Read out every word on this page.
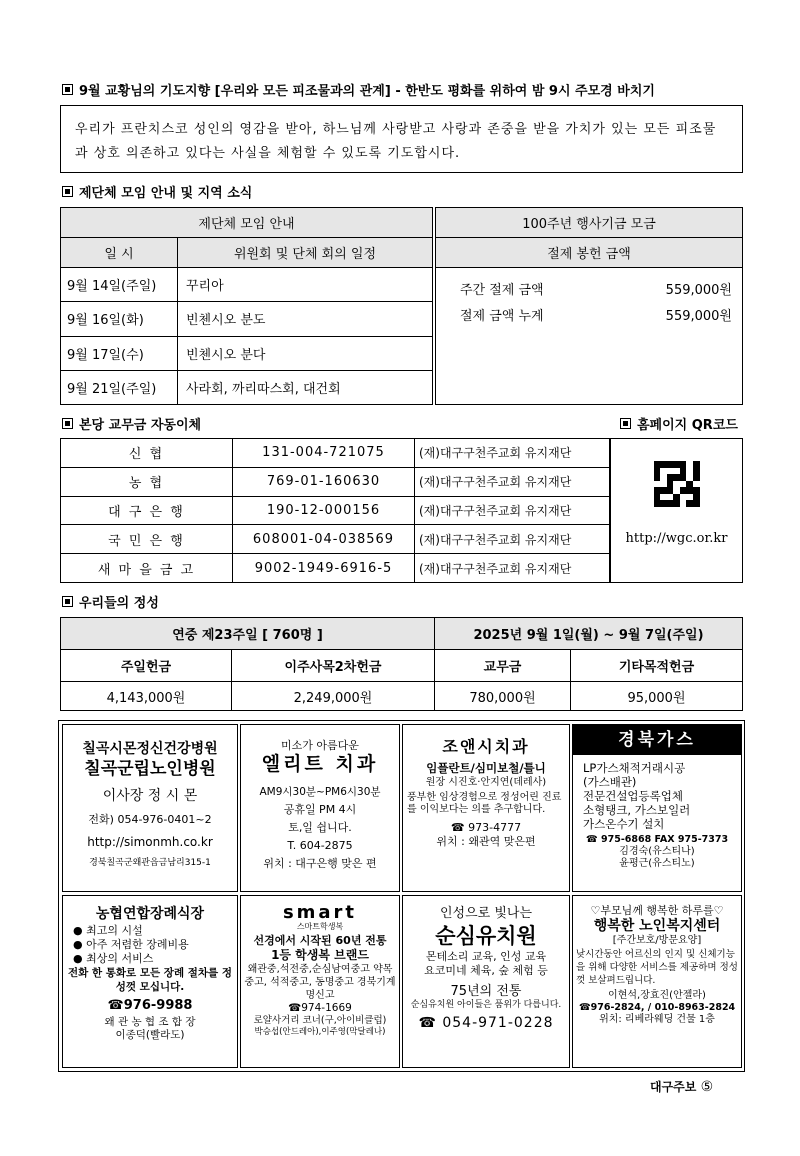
9월 교황님의 기도지향 [우리와 모든 피조물과의 관계] - 한반도 평화를 위하여 밤 9시 주모경 바치기
우리가 프란치스코 성인의 영감을 받아, 하느님께 사랑받고 사랑과 존중을 받을 가치가 있는 모든 피조물과 상호 의존하고 있다는 사실을 체험할 수 있도록 기도합시다.
제단체 모임 안내 및 지역 소식
제단체 모임 안내	
일 시	위원회 및 단체 회의 일정
9월 14일(주일)	꾸리아
9월 16일(화)	빈첸시오 분도
9월 17일(수)	빈첸시오 분다
9월 21일(주일)	사라회, 까리따스회, 대건회
100주년 행사기금 모금
절제 봉헌 금액

주간 절제 금액	559,000원
절제 금액 누계	559,000원
본당 교무금 자동이체	홈페이지 QR코드
신 협	131-004-721075	(재)대구구천주교회 유지재단
농 협	769-01-160630	(재)대구구천주교회 유지재단
대 구 은 행	190-12-000156	(재)대구구천주교회 유지재단
국 민 은 행	608001-04-038569	(재)대구구천주교회 유지재단
새 마 을 금 고	9002-1949-6916-5	(재)대구구천주교회 유지재단
http://wgc.or.kr
우리들의 정성
연중 제23주일 [ 760명 ]		2025년 9월 1일(월) ~ 9월 7일(주일)	
주일헌금	이주사목2차헌금	교무금	기타목적헌금
4,143,000원	2,249,000원	780,000원	95,000원
칠곡시몬정신건강병원
칠곡군립노인병원
이사장 정 시 몬
전화) 054-976-0401~2
http://simonmh.co.kr
경북칠곡군왜관읍금남리315-1
미소가 아름다운
엘리트 치과
AM9시30분~PM6시30분
공휴일 PM 4시
토,일 쉽니다.
T. 604-2875
위치 : 대구은행 맞은 편
조앤시치과
임플란트/심미보철/틀니
원장 시진호·안지연(데레사)
풍부한 임상경험으로 정성어린 진료를 이익보다는 의를 추구합니다.
☎ 973-4777
위치 : 왜관역 맞은편
경북가스
LP가스채적거래시공
(가스배관)
전문건설업등록업체
소형탱크, 가스보일러
가스온수기 설치
☎ 975-6868 FAX 975-7373
김경숙(유스티나)
윤평근(유스티노)
농협연합장례식장
● 최고의 시설
● 아주 저렴한 장례비용
● 최상의 서비스
전화 한 통화로 모든 장례 절차를 정성껏 모십니다.
☎976-9988
왜 관 농 협 조 합 장
이종덕(빨라도)
smart
스마트학생복
선경에서 시작된 60년 전통
1등 학생복 브랜드
왜관중,석전중,순심남여중고 약목중고, 석적중고, 동명중고 경북기계명신고
☎974-1669
로얄사거리 코너(구,아이비클럽)
박승섭(안드레아),이주영(막달레나)
인성으로 빛나는
순심유치원
몬테소리 교육, 인성 교육
요코미네 체육, 숲 체험 등
75년의 전통
순심유치원 아이들은 품위가 다릅니다.
☎ 054-971-0228
♡부모님께 행복한 하루를♡
행복한 노인복지센터
[주간보호/방문요양]
낮시간동안 어르신의 인지 및 신체기능을 위해 다양한 서비스를 제공하며 정성껏 보살펴드립니다.
이현석,장효진(안젤라)
☎976-2824, / 010-8963-2824
위치: 리베라웨딩 건물 1층
대구주보 ⑤
